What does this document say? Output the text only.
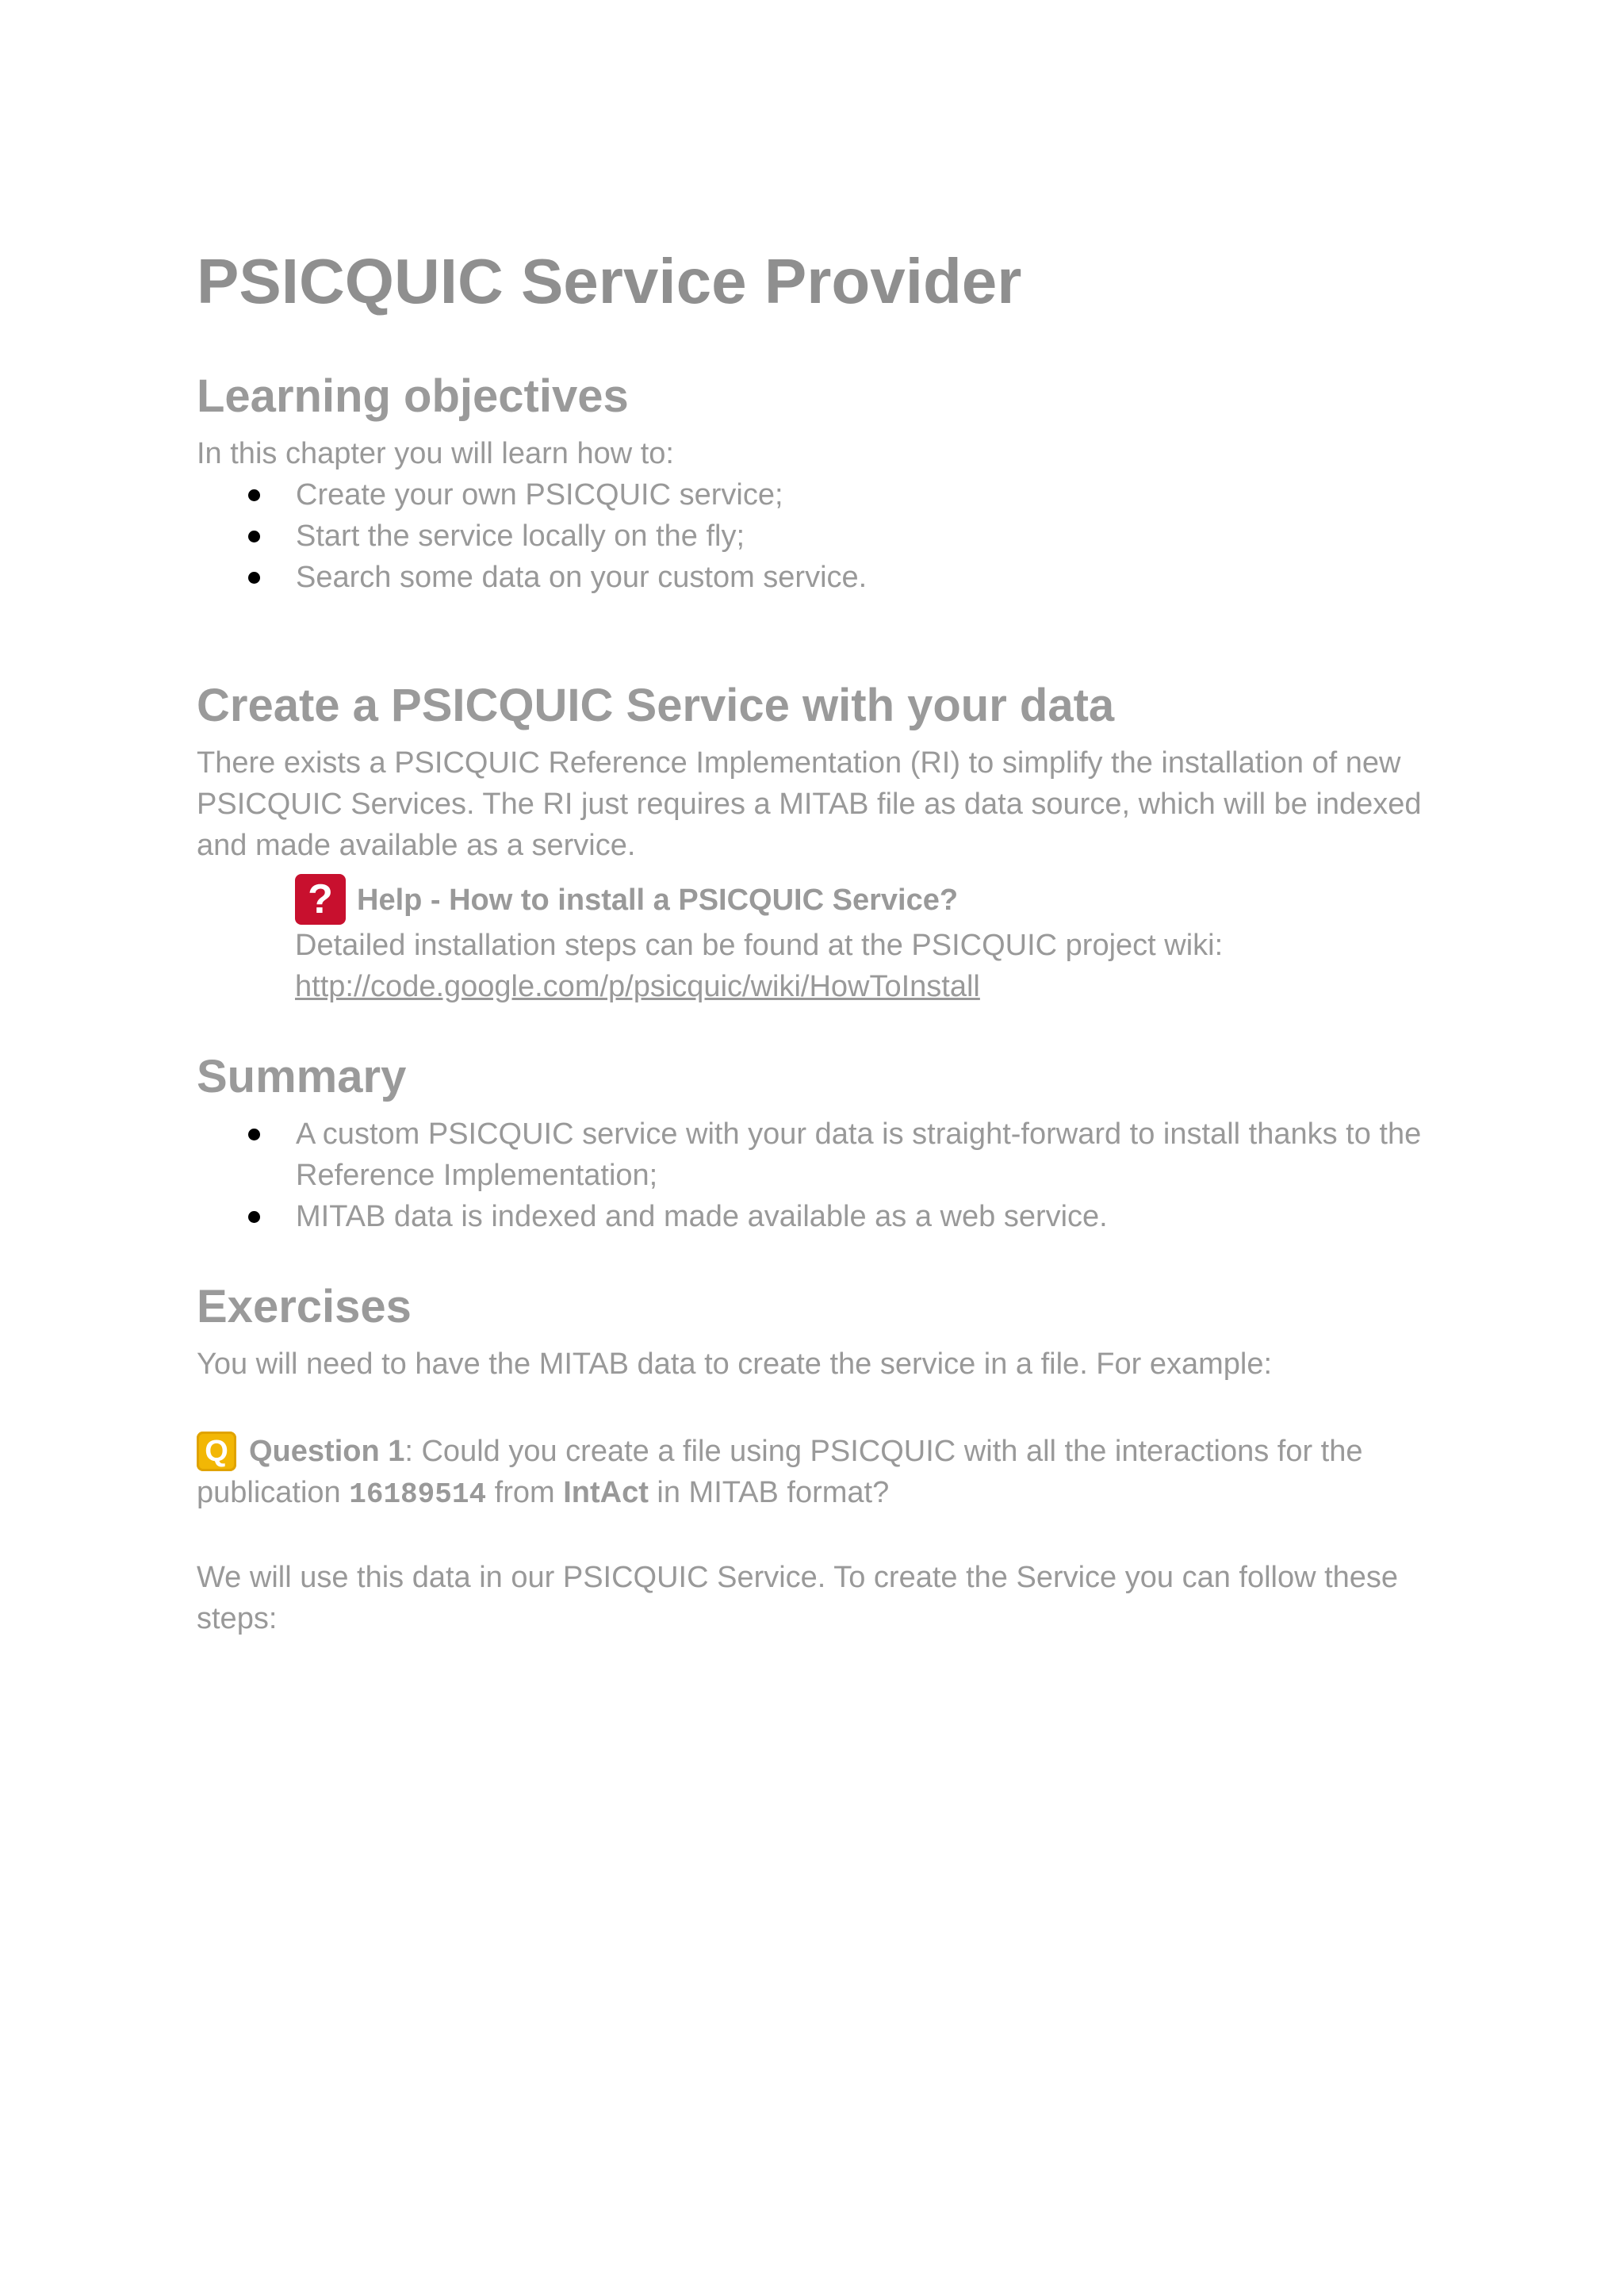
PSICQUIC Service Provider
Learning objectives

In this chapter you will learn how to:

Create your own PSICQUIC service;
Start the service locally on the fly;
Search some data on your custom service.
Create a PSICQUIC Service with your data

There exists a PSICQUIC Reference Implementation (RI) to simplify the installation of new PSICQUIC Services. The RI just requires a MITAB file as data source, which will be indexed and made available as a service.

? Help - How to install a PSICQUIC Service?

Detailed installation steps can be found at the PSICQUIC project wiki:

http://code.google.com/p/psicquic/wiki/HowToInstall

Summary
A custom PSICQUIC service with your data is straight-forward to install thanks to the Reference Implementation;
MITAB data is indexed and made available as a web service.
Exercises

You will need to have the MITAB data to create the service in a file. For example:

Q Question 1: Could you create a file using PSICQUIC with all the interactions for the publication 16189514 from IntAct in MITAB format?

We will use this data in our PSICQUIC Service. To create the Service you can follow these steps:
